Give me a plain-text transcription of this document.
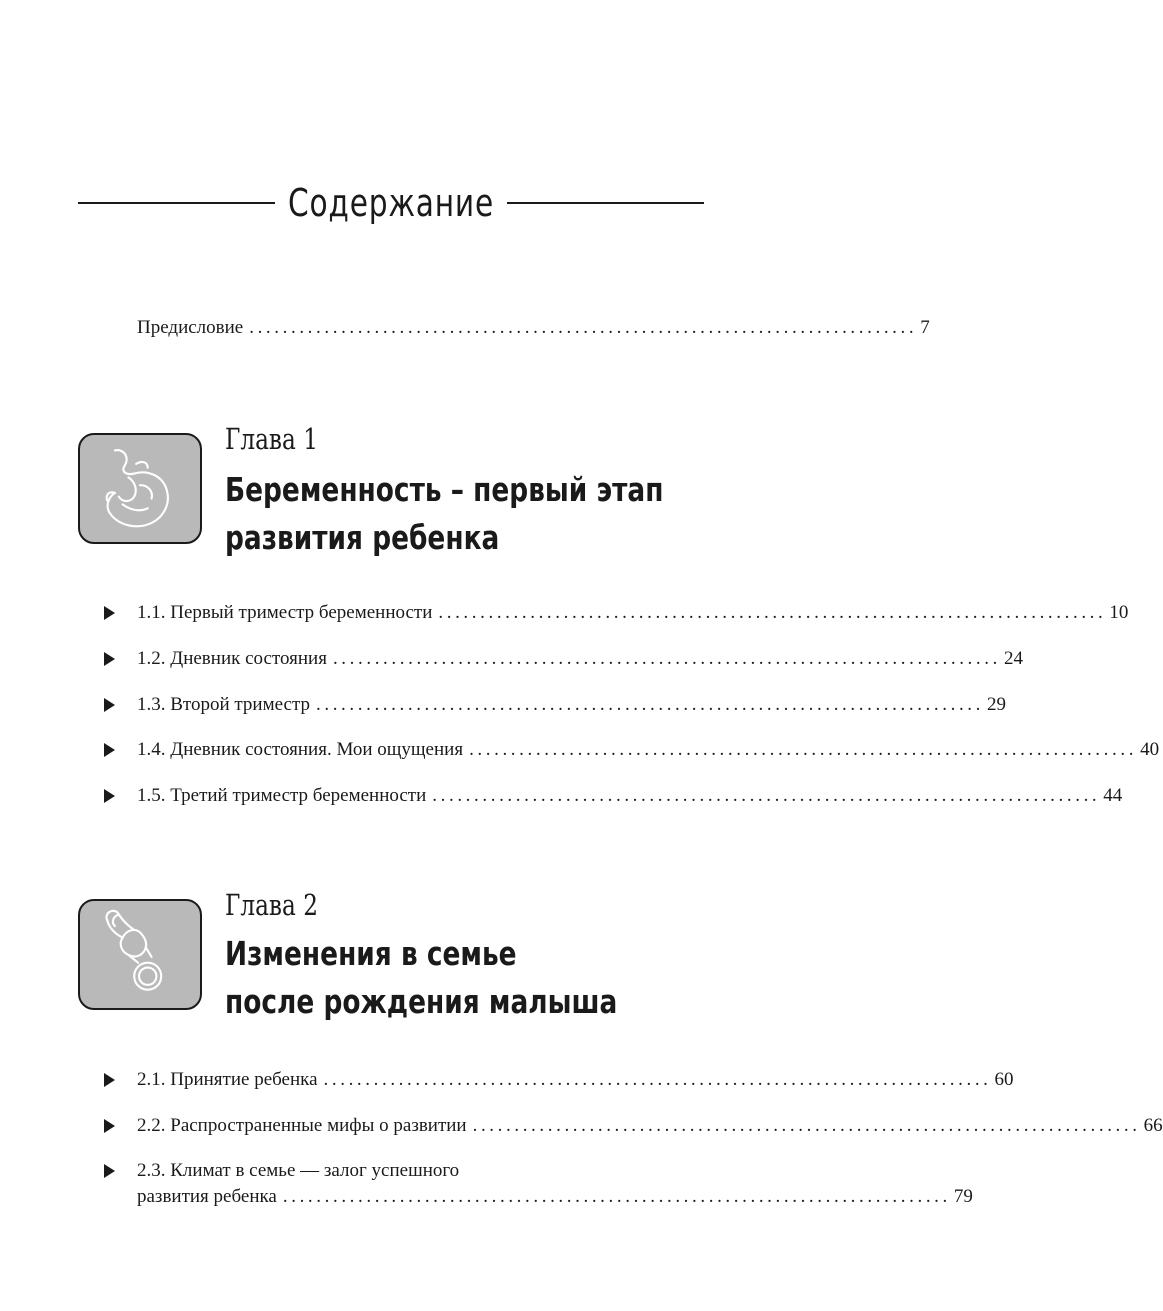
Содержание
Предисловие ................................................................................ 7
Глава 1
Беременность – первый этап
развития ребенка
1.1. Первый триместр беременности ................................................................................ 10
1.2. Дневник состояния ................................................................................ 24
1.3. Второй триместр ................................................................................ 29
1.4. Дневник состояния. Мои ощущения ................................................................................ 40
1.5. Третий триместр беременности ................................................................................ 44
Глава 2
Изменения в семье
после рождения малыша
2.1. Принятие ребенка ................................................................................ 60
2.2. Распространенные мифы о развитии ................................................................................ 66
2.3. Климат в семье — залог успешного
развития ребенка ................................................................................ 79
